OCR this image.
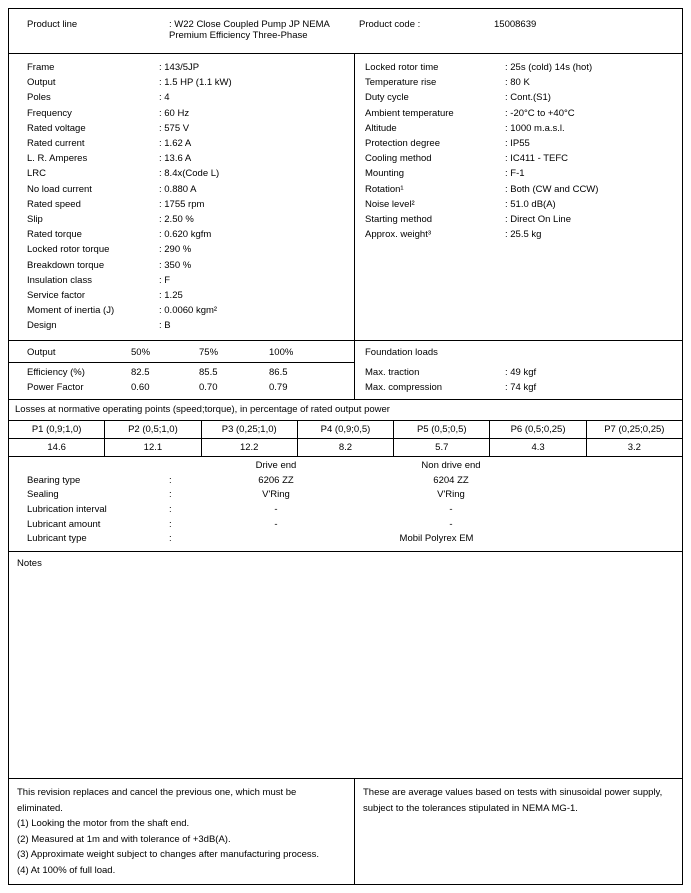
Product line	: W22 Close Coupled Pump JP NEMA Premium Efficiency Three-Phase
Product code :	15008639
Frame	: 143/5JP
Output	: 1.5 HP (1.1 kW)
Poles	: 4
Frequency	: 60 Hz
Rated voltage	: 575 V
Rated current	: 1.62 A
L. R. Amperes	: 13.6 A
LRC	: 8.4x(Code L)
No load current	: 0.880 A
Rated speed	: 1755 rpm
Slip	: 2.50 %
Rated torque	: 0.620 kgfm
Locked rotor torque	: 290 %
Breakdown torque	: 350 %
Insulation class	: F
Service factor	: 1.25
Moment of inertia (J)	: 0.0060 kgm²
Design	: B
Locked rotor time	: 25s (cold) 14s (hot)
Temperature rise	: 80 K
Duty cycle	: Cont.(S1)
Ambient temperature	: -20°C to +40°C
Altitude	: 1000 m.a.s.l.
Protection degree	: IP55
Cooling method	: IC411 - TEFC
Mounting	: F-1
Rotation¹	: Both (CW and CCW)
Noise level²	: 51.0 dB(A)
Starting method	: Direct On Line
Approx. weight³	: 25.5 kg
Output	50%	75%	100%
Efficiency (%)	82.5	85.5	86.5
Power Factor	0.60	0.70	0.79
Foundation loads
Max. traction	: 49 kgf
Max. compression	: 74 kgf
Losses at normative operating points (speed;torque), in percentage of rated output power
P1 (0,9;1,0)	P2 (0,5;1,0)	P3 (0,25;1,0)	P4 (0,9;0,5)	P5 (0,5;0,5)	P6 (0,5;0,25)	P7 (0,25;0,25)
14.6	12.1	12.2	8.2	5.7	4.3	3.2
Drive end	Non drive end
Bearing type	:	6206 ZZ	6204 ZZ
Sealing	:	V'Ring	V'Ring
Lubrication interval	:	-	-
Lubricant amount	:	-	-
Lubricant type	:	Mobil Polyrex EM
Notes

This revision replaces and cancel the previous one, which must be eliminated.

(1) Looking the motor from the shaft end.

(2) Measured at 1m and with tolerance of +3dB(A).

(3) Approximate weight subject to changes after manufacturing process.

(4) At 100% of full load.

These are average values based on tests with sinusoidal power supply, subject to the tolerances stipulated in NEMA MG-1.
